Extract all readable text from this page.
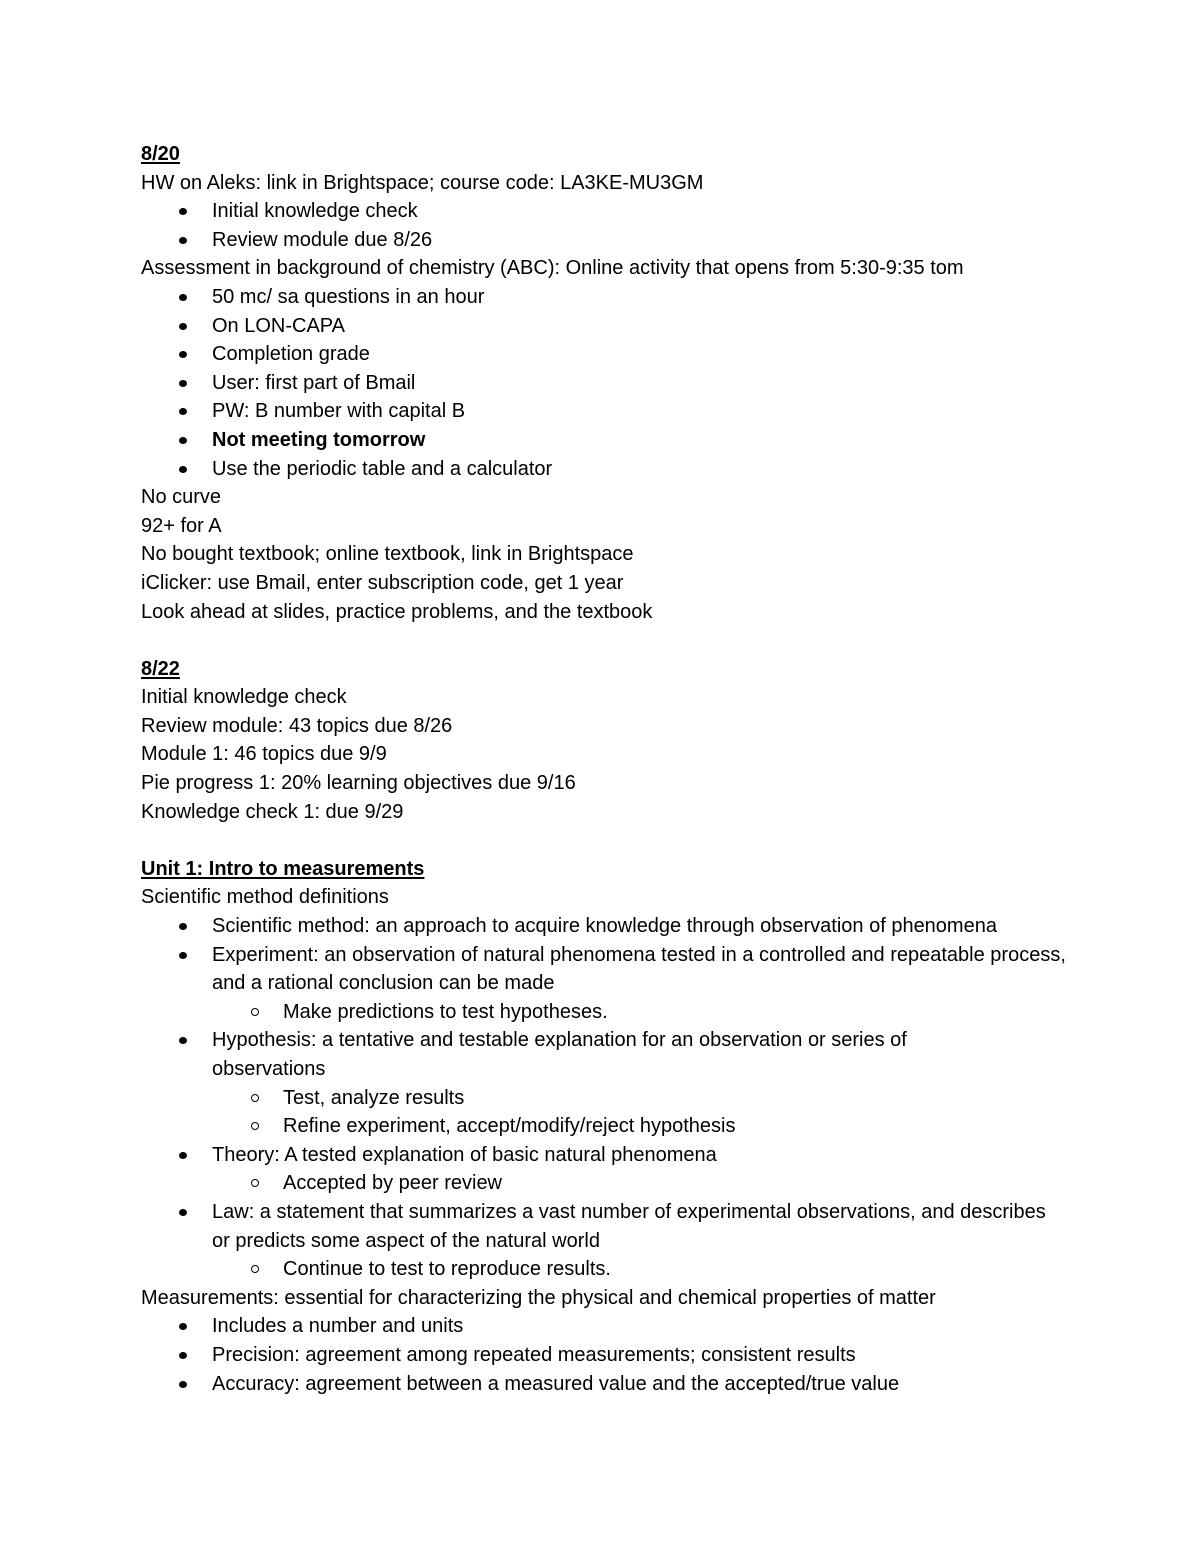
8/20

HW on Aleks: link in Brightspace; course code: LA3KE-MU3GM

Initial knowledge check
Review module due 8/26

Assessment in background of chemistry (ABC): Online activity that opens from 5:30-9:35 tom

50 mc/ sa questions in an hour
On LON-CAPA
Completion grade
User: first part of Bmail
PW: B number with capital B
Not meeting tomorrow
Use the periodic table and a calculator

No curve

92+ for A

No bought textbook; online textbook, link in Brightspace

iClicker: use Bmail, enter subscription code, get 1 year

Look ahead at slides, practice problems, and the textbook

8/22

Initial knowledge check

Review module: 43 topics due 8/26

Module 1: 46 topics due 9/9

Pie progress 1: 20% learning objectives due 9/16

Knowledge check 1: due 9/29

Unit 1: Intro to measurements

Scientific method definitions

Scientific method: an approach to acquire knowledge through observation of phenomena
Experiment: an observation of natural phenomena tested in a controlled and repeatable process, and a rational conclusion can be made
Make predictions to test hypotheses.
Hypothesis: a tentative and testable explanation for an observation or series of observations
Test, analyze results
Refine experiment, accept/modify/reject hypothesis
Theory: A tested explanation of basic natural phenomena
Accepted by peer review
Law: a statement that summarizes a vast number of experimental observations, and describes or predicts some aspect of the natural world
Continue to test to reproduce results.

Measurements: essential for characterizing the physical and chemical properties of matter

Includes a number and units
Precision: agreement among repeated measurements; consistent results
Accuracy: agreement between a measured value and the accepted/true value
